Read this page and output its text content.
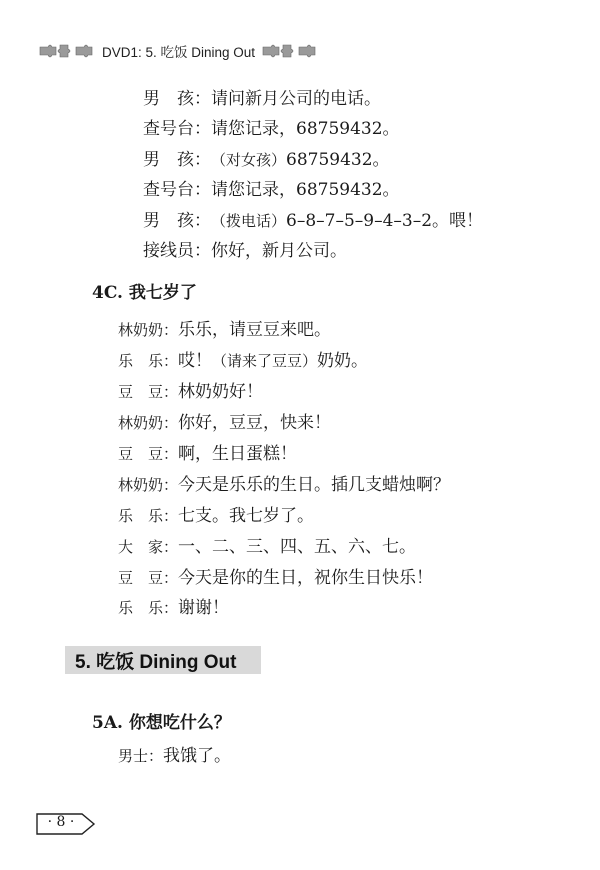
DVD1: 5. 吃饭 Dining Out
男　孩：请问新月公司的电话。
查号台：请您记录，68759432。
男　孩：（对女孩）68759432。
查号台：请您记录，68759432。
男　孩：（拨电话）6–8–7–5–9–4–3–2。喂！
接线员：你好，新月公司。
4C. 我七岁了
林奶奶：乐乐，请豆豆来吧。
乐　乐：哎！（请来了豆豆）奶奶。
豆　豆：林奶奶好！
林奶奶：你好，豆豆，快来！
豆　豆：啊，生日蛋糕！
林奶奶：今天是乐乐的生日。插几支蜡烛啊？
乐　乐：七支。我七岁了。
大　家：一、二、三、四、五、六、七。
豆　豆：今天是你的生日，祝你生日快乐！
乐　乐：谢谢！
5. 吃饭 Dining Out
5A. 你想吃什么？
男士：我饿了。
· 8 ·
